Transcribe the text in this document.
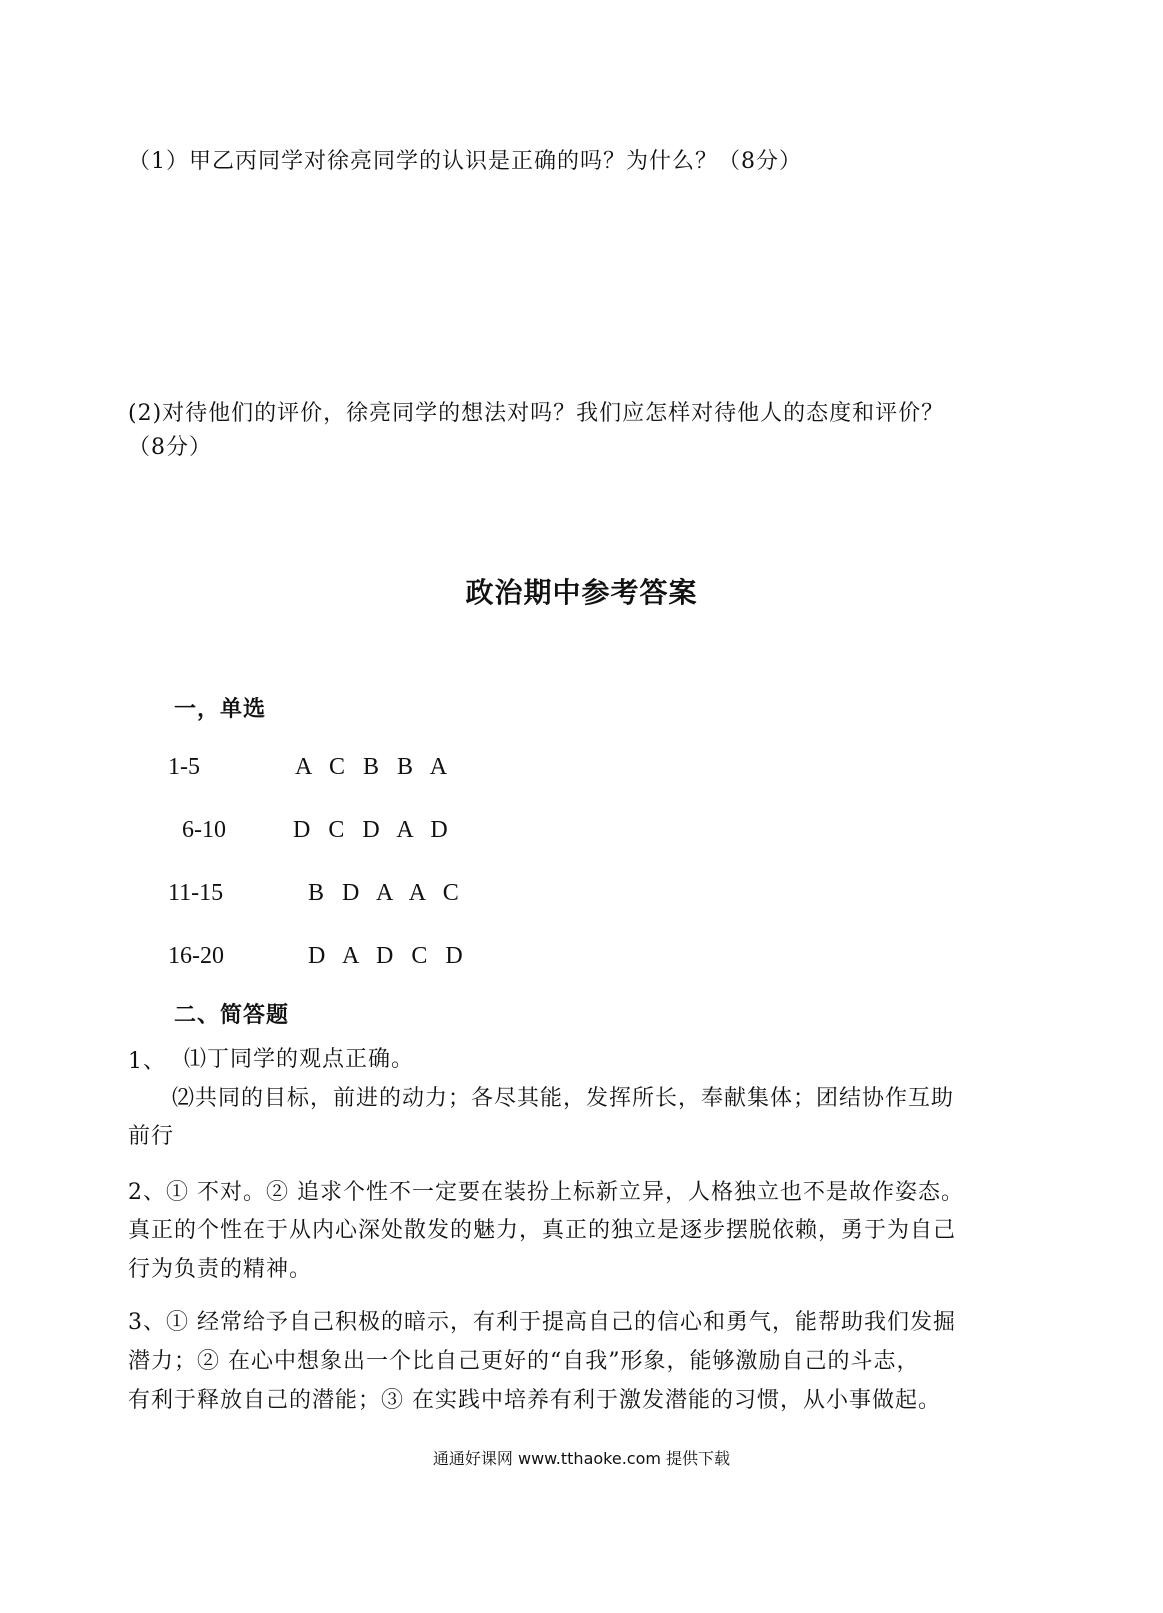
（1）甲乙丙同学对徐亮同学的认识是正确的吗？为什么？（8分）
(2)对待他们的评价，徐亮同学的想法对吗？我们应怎样对待他人的态度和评价？
（8分）
政治期中参考答案
一，单选
1-5	A C B B A
6-10	D C D A D
11-15	B D A A C
16-20	D A D C D
二、简答题
1、 ⑴丁同学的观点正确。
⑵共同的目标，前进的动力；各尽其能，发挥所长，奉献集体；团结协作互助
前行
2、① 不对。② 追求个性不一定要在装扮上标新立异，人格独立也不是故作姿态。
真正的个性在于从内心深处散发的魅力，真正的独立是逐步摆脱依赖，勇于为自己
行为负责的精神。
3、① 经常给予自己积极的暗示，有利于提高自己的信心和勇气，能帮助我们发掘
潜力；② 在心中想象出一个比自己更好的“自我”形象，能够激励自己的斗志，
有利于释放自己的潜能；③ 在实践中培养有利于激发潜能的习惯，从小事做起。
通通好课网 www.tthaoke.com 提供下载
